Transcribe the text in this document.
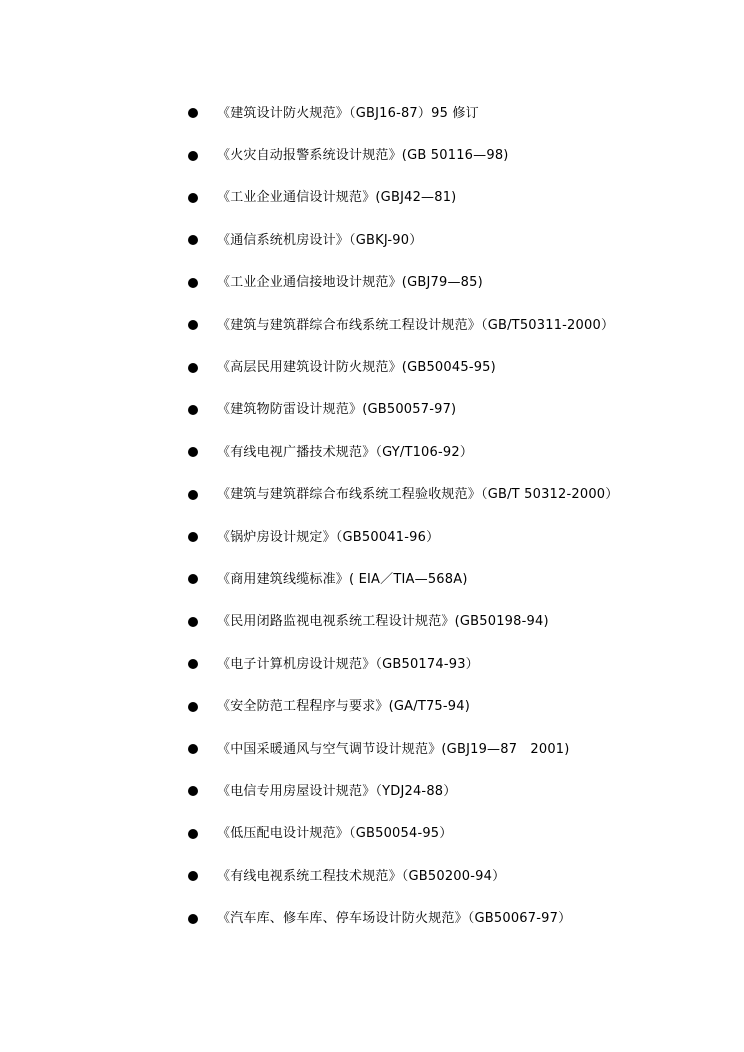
《建筑设计防火规范》（GBJ16-87）95 修订
《火灾自动报警系统设计规范》(GB 50116—98)
《工业企业通信设计规范》(GBJ42—81)
《通信系统机房设计》（GBKJ-90）
《工业企业通信接地设计规范》(GBJ79—85)
《建筑与建筑群综合布线系统工程设计规范》（GB/T50311-2000）
《高层民用建筑设计防火规范》(GB50045-95)
《建筑物防雷设计规范》(GB50057-97)
《有线电视广播技术规范》（GY/T106-92）
《建筑与建筑群综合布线系统工程验收规范》（GB/T 50312-2000）
《锅炉房设计规定》（GB50041-96）
《商用建筑线缆标准》( EIA／TIA—568A)
《民用闭路监视电视系统工程设计规范》(GB50198-94)
《电子计算机房设计规范》（GB50174-93）
《安全防范工程程序与要求》(GA/T75-94)
《中国采暖通风与空气调节设计规范》(GBJ19—87　2001)
《电信专用房屋设计规范》（YDJ24-88）
《低压配电设计规范》（GB50054-95）
《有线电视系统工程技术规范》（GB50200-94）
《汽车库、修车库、停车场设计防火规范》（GB50067-97）
